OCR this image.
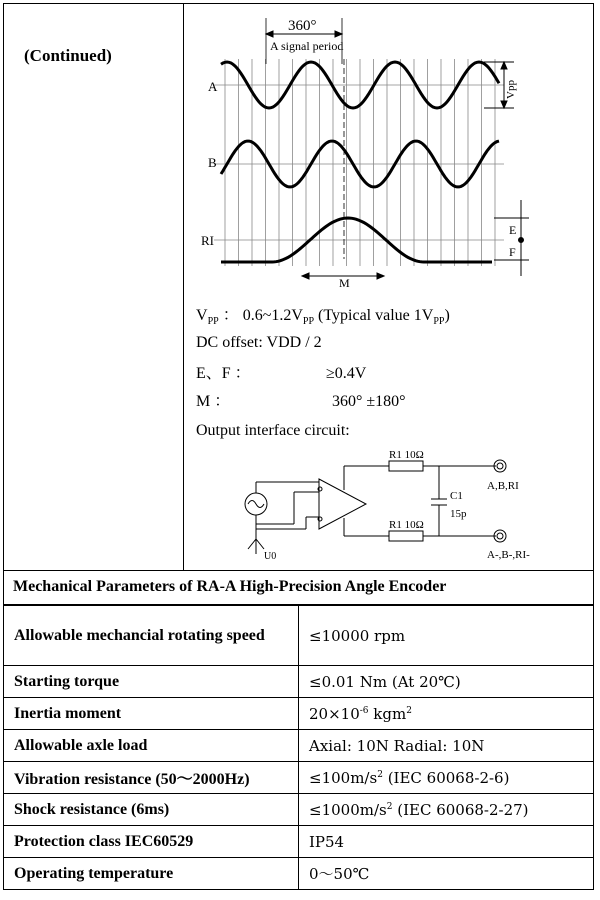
(Continued)
360°
A signal period
A
B
RI
Vpp
E
F
M
$V_{PP}$ ： $0.6\sim 1.2V_{PP}$ (Typical value $1V_{PP}$)
DC offset: VDD / 2
E、F ：	≥0.4V
M ：	360° ±180°
Output interface circuit:
R1 10Ω
R1 10Ω
C1
15p
A,B,RI
A-,B-,RI-
U0
Mechanical Parameters of RA-A High-Precision Angle Encoder
Allowable mechancial rotating speed	≤10000 rpm
Starting torque	≤0.01 Nm (At 20℃)
Inertia moment	$20\times 10^{-6}$ kgm$^2$
Allowable axle load	Axial: 10N Radial: 10N
Vibration resistance (50～2000Hz)	$\le 100m/s^2$ (IEC 60068-2-6)
Shock resistance (6ms)	$\le 1000m/s^2$ (IEC 60068-2-27)
Protection class IEC60529	IP54
Operating temperature	0～50℃
